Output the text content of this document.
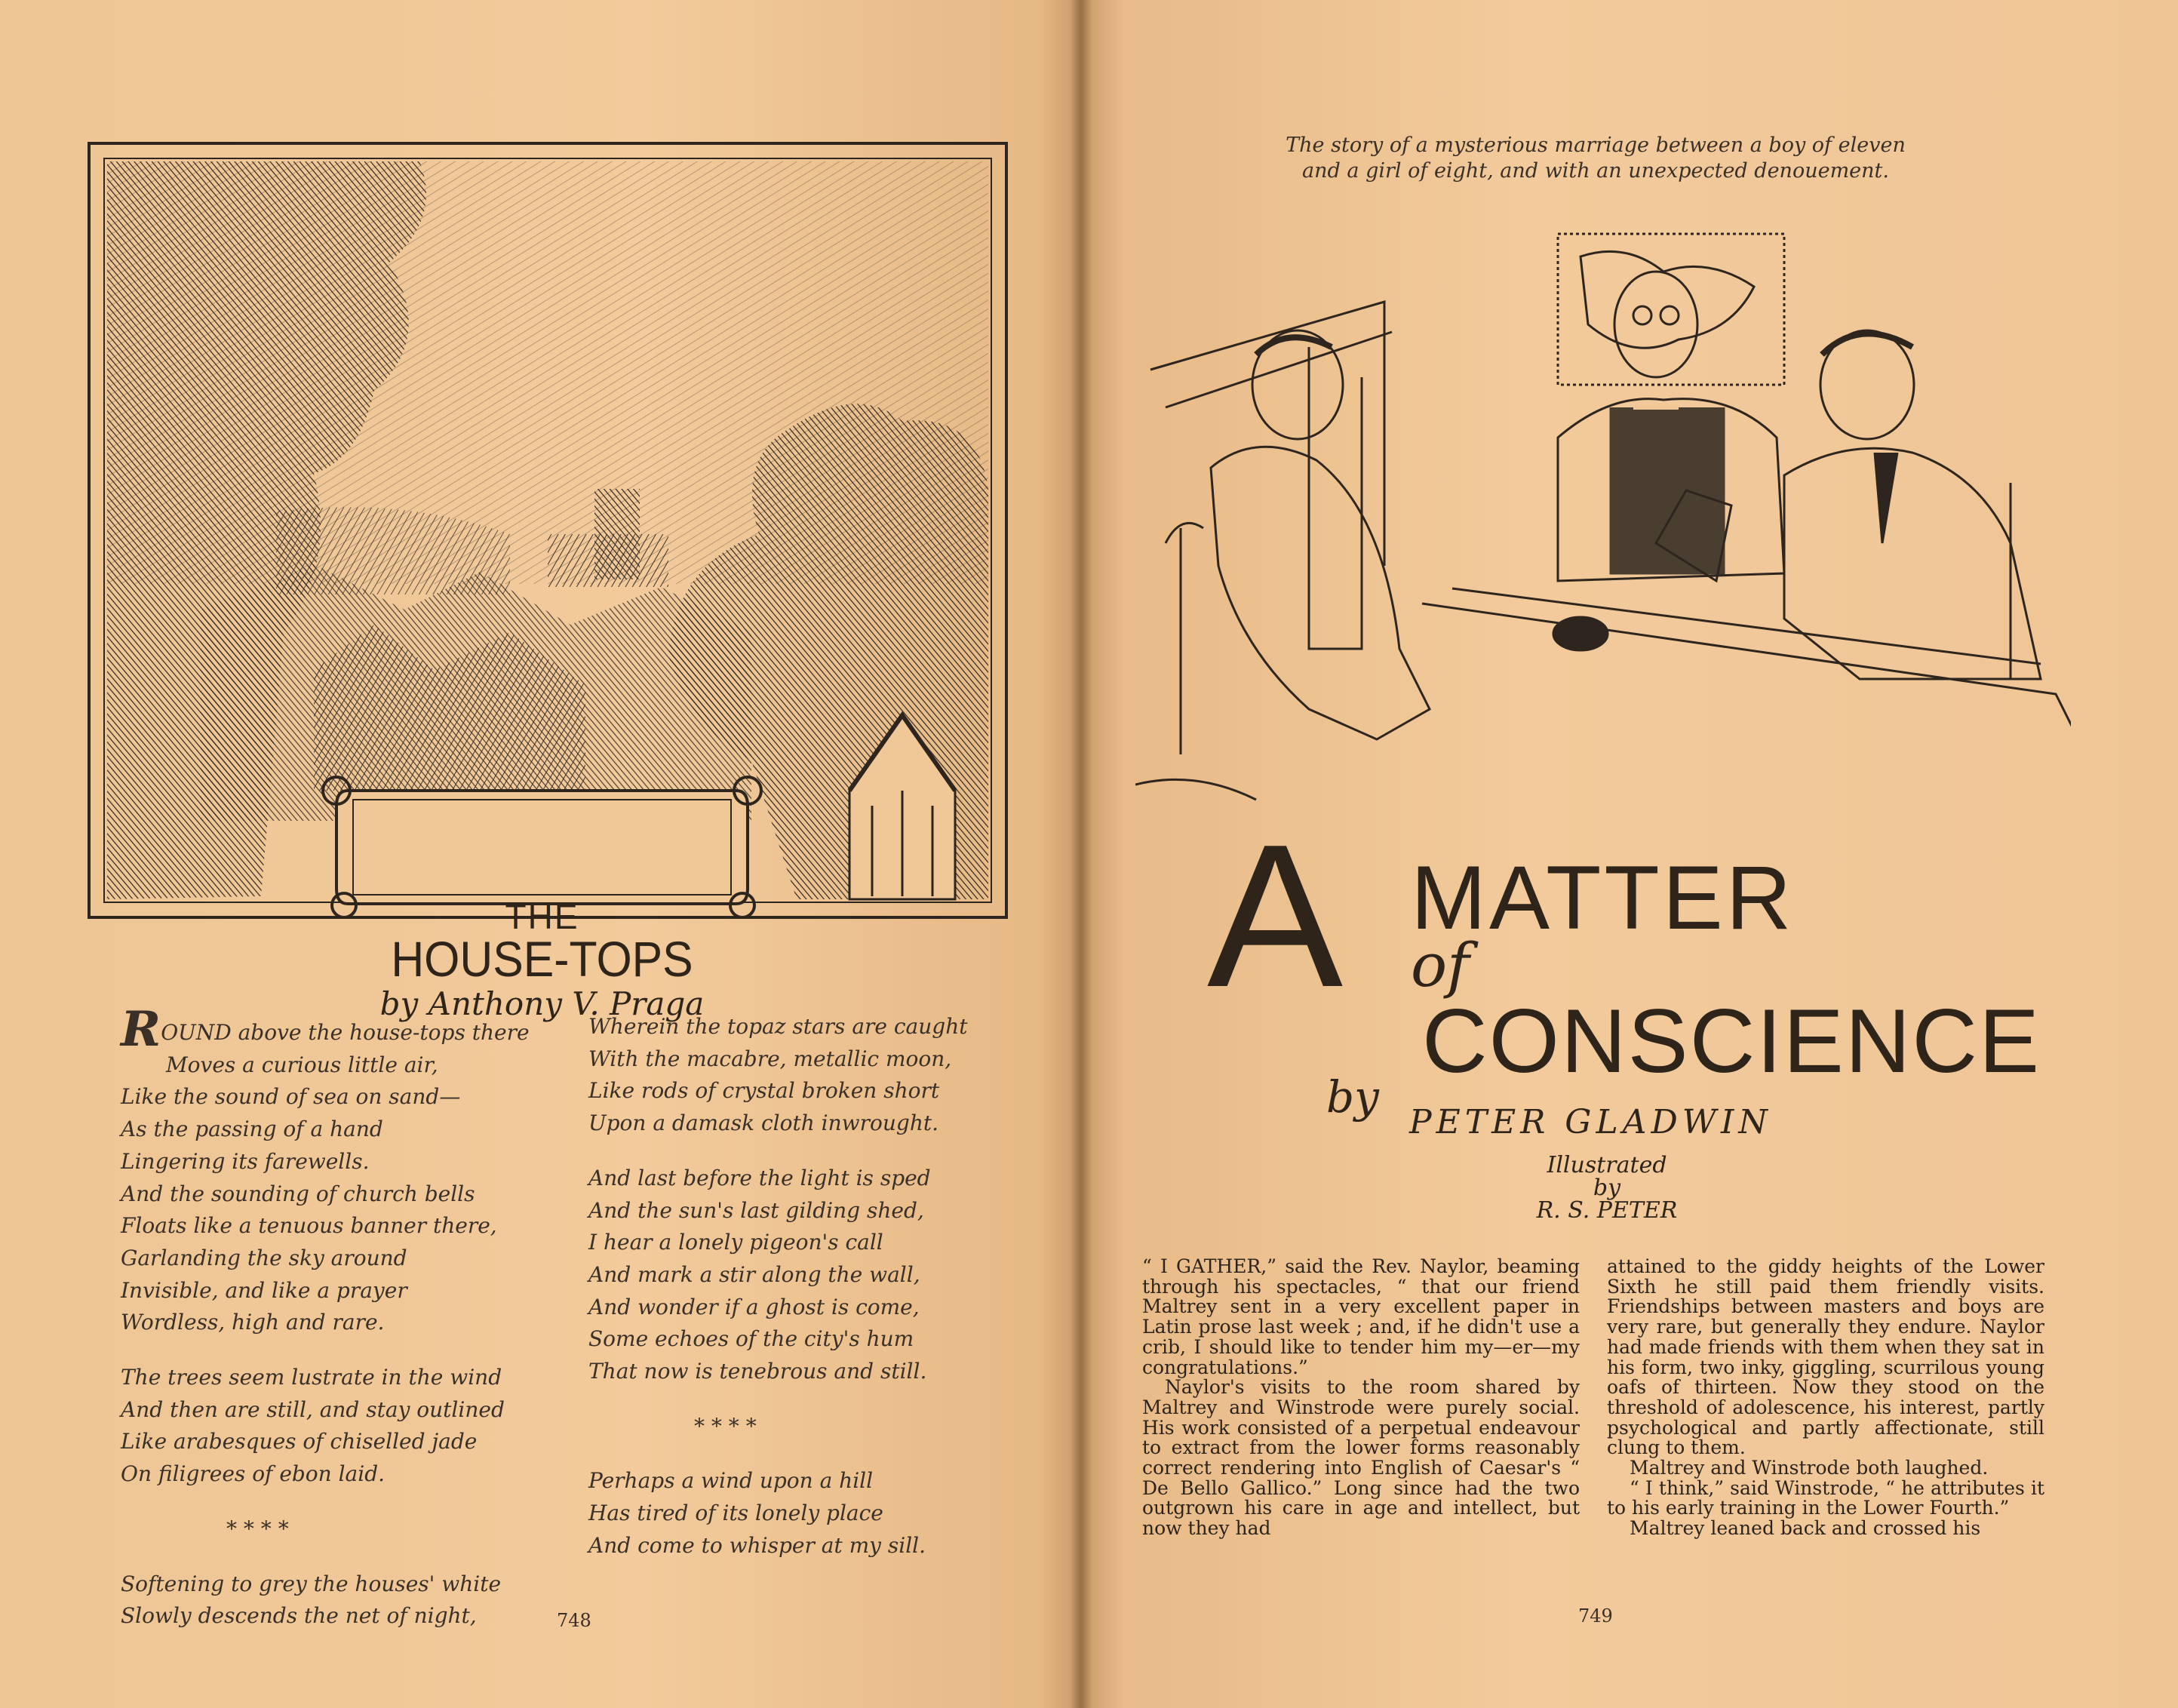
THE
HOUSE-TOPS
by Anthony V. Praga
ROUND above the house-tops there
Moves a curious little air,
Like the sound of sea on sand—
As the passing of a hand
Lingering its farewells.
And the sounding of church bells
Floats like a tenuous banner there,
Garlanding the sky around
Invisible, and like a prayer
Wordless, high and rare.
The trees seem lustrate in the wind
And then are still, and stay outlined
Like arabesques of chiselled jade
On filigrees of ebon laid.
* * * *
Softening to grey the houses' white
Slowly descends the net of night,
Wherein the topaz stars are caught
With the macabre, metallic moon,
Like rods of crystal broken short
Upon a damask cloth inwrought.
And last before the light is sped
And the sun's last gilding shed,
I hear a lonely pigeon's call
And mark a stir along the wall,
And wonder if a ghost is come,
Some echoes of the city's hum
That now is tenebrous and still.
* * * *
Perhaps a wind upon a hill
Has tired of its lonely place
And come to whisper at my sill.
748
The story of a mysterious marriage between a boy of eleven
and a girl of eight, and with an unexpected denouement.
A MATTER
of
CONSCIENCE
by PETER GLADWIN
Illustrated
by
R. S. PETER

“ I GATHER,” said the Rev. Naylor, beaming through his spectacles, “ that our friend Maltrey sent in a very excellent paper in Latin prose last week ; and, if he didn't use a crib, I should like to tender him my—er—my congratulations.”

Naylor's visits to the room shared by Maltrey and Winstrode were purely social. His work consisted of a perpetual endeavour to extract from the lower forms reasonably correct rendering into English of Caesar's “ De Bello Gallico.” Long since had the two outgrown his care in age and intellect, but now they had

attained to the giddy heights of the Lower Sixth he still paid them friendly visits. Friendships between masters and boys are very rare, but generally they endure. Naylor had made friends with them when they sat in his form, two inky, giggling, scurrilous young oafs of thirteen. Now they stood on the threshold of adolescence, his interest, partly psychological and partly affectionate, still clung to them.

Maltrey and Winstrode both laughed.

“ I think,” said Winstrode, “ he attributes it to his early training in the Lower Fourth.”

Maltrey leaned back and crossed his

749
